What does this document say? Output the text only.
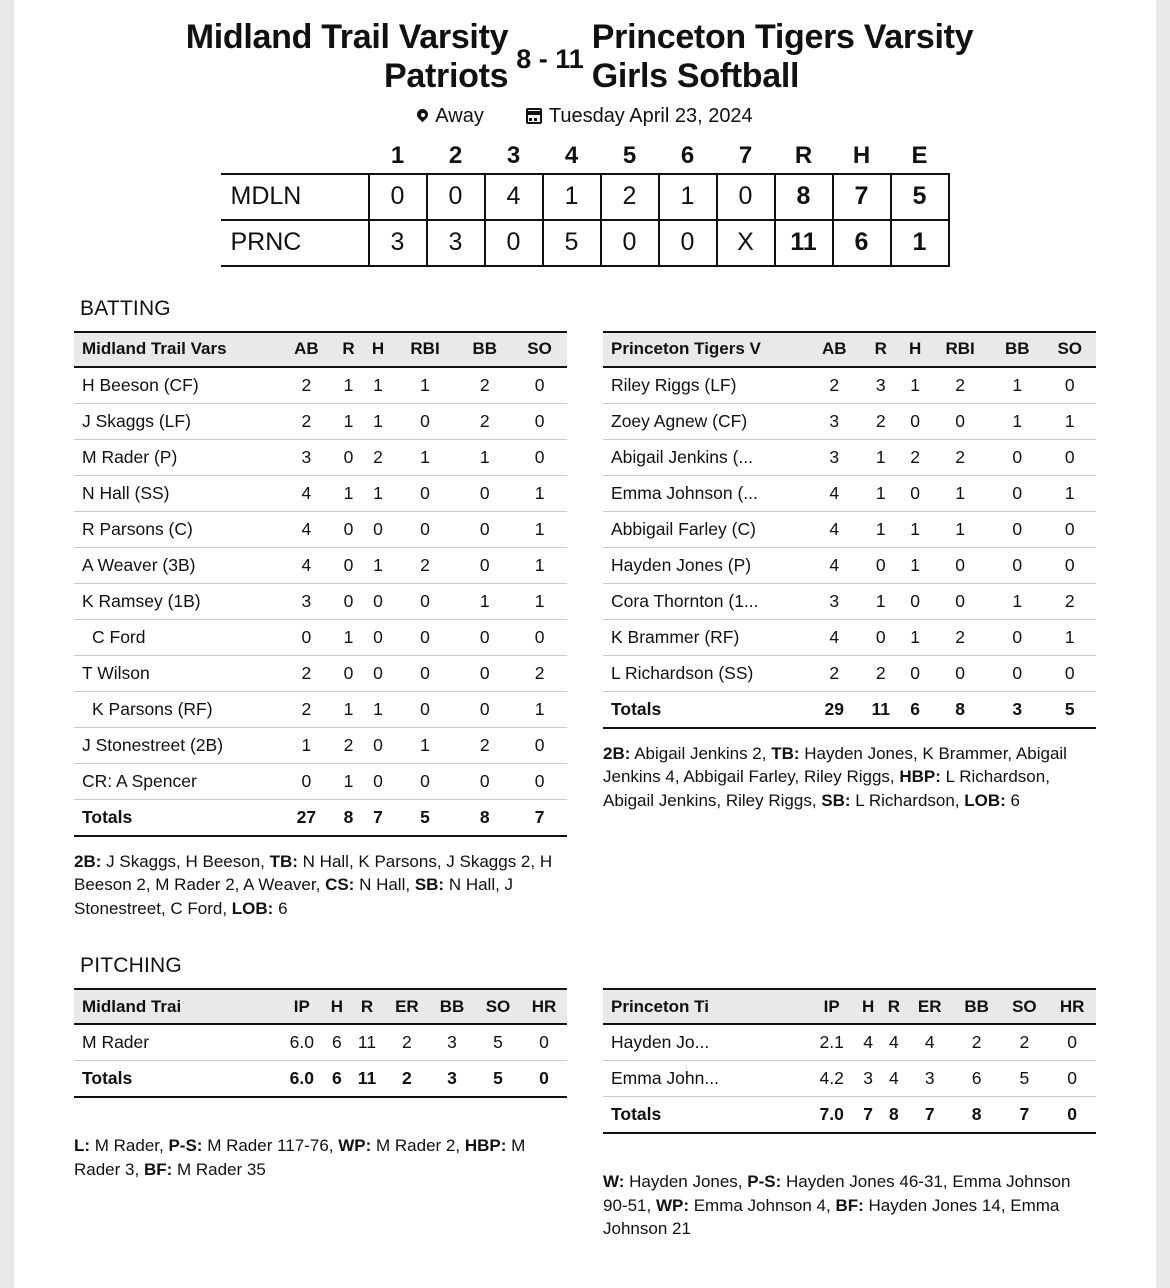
Midland Trail Varsity Patriots 8 - 11
Princeton Tigers Varsity Girls Softball
Away	Tuesday April 23, 2024
	1	2	3	4	5	6	7	R	H	E
MDLN	0	0	4	1	2	1	0	8	7	5
PRNC	3	3	0	5	0	0	X	11	6	1
BATTING
Midland Trail Vars	AB	R	H	RBI	BB	SO
H Beeson (CF)	2	1	1	1	2	0
J Skaggs (LF)	2	1	1	0	2	0
M Rader (P)	3	0	2	1	1	0
N Hall (SS)	4	1	1	0	0	1
R Parsons (C)	4	0	0	0	0	1
A Weaver (3B)	4	0	1	2	0	1
K Ramsey (1B)	3	0	0	0	1	1
C Ford	0	1	0	0	0	0
T Wilson	2	0	0	0	0	2
K Parsons (RF)	2	1	1	0	0	1
J Stonestreet (2B)	1	2	0	1	2	0
CR: A Spencer	0	1	0	0	0	0
Totals	27	8	7	5	8	7
2B: J Skaggs, H Beeson, TB: N Hall, K Parsons, J Skaggs 2, H Beeson 2, M Rader 2, A Weaver, CS: N Hall, SB: N Hall, J Stonestreet, C Ford, LOB: 6
Princeton Tigers V	AB	R	H	RBI	BB	SO
Riley Riggs (LF)	2	3	1	2	1	0
Zoey Agnew (CF)	3	2	0	0	1	1
Abigail Jenkins (...	3	1	2	2	0	0
Emma Johnson (...	4	1	0	1	0	1
Abbigail Farley (C)	4	1	1	1	0	0
Hayden Jones (P)	4	0	1	0	0	0
Cora Thornton (1...	3	1	0	0	1	2
K Brammer (RF)	4	0	1	2	0	1
L Richardson (SS)	2	2	0	0	0	0
Totals	29	11	6	8	3	5
2B: Abigail Jenkins 2, TB: Hayden Jones, K Brammer, Abigail Jenkins 4, Abbigail Farley, Riley Riggs, HBP: L Richardson, Abigail Jenkins, Riley Riggs, SB: L Richardson, LOB: 6
PITCHING
Midland Trai	IP	H	R	ER	BB	SO	HR
M Rader	6.0	6	11	2	3	5	0
Totals	6.0	6	11	2	3	5	0
L: M Rader, P-S: M Rader 117-76, WP: M Rader 2, HBP: M Rader 3, BF: M Rader 35
Princeton Ti	IP	H	R	ER	BB	SO	HR
Hayden Jo...	2.1	4	4	4	2	2	0
Emma John...	4.2	3	4	3	6	5	0
Totals	7.0	7	8	7	8	7	0
W: Hayden Jones, P-S: Hayden Jones 46-31, Emma Johnson 90-51, WP: Emma Johnson 4, BF: Hayden Jones 14, Emma Johnson 21
